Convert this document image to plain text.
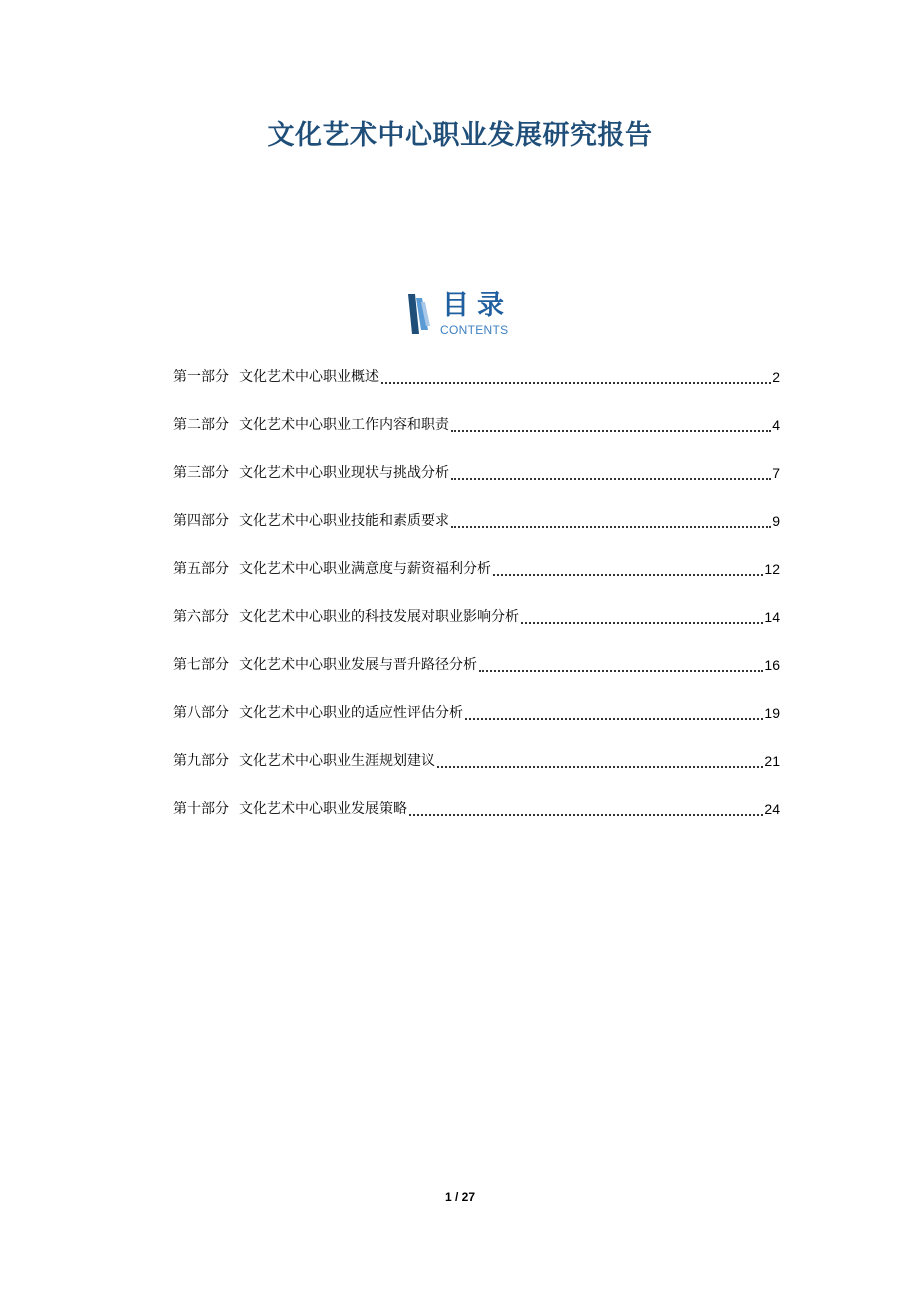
文化艺术中心职业发展研究报告
目录
CONTENTS
第一部分 文化艺术中心职业概述	2
第二部分 文化艺术中心职业工作内容和职责	4
第三部分 文化艺术中心职业现状与挑战分析	7
第四部分 文化艺术中心职业技能和素质要求	9
第五部分 文化艺术中心职业满意度与薪资福利分析	12
第六部分 文化艺术中心职业的科技发展对职业影响分析	14
第七部分 文化艺术中心职业发展与晋升路径分析	16
第八部分 文化艺术中心职业的适应性评估分析	19
第九部分 文化艺术中心职业生涯规划建议	21
第十部分 文化艺术中心职业发展策略	24
1 / 27
